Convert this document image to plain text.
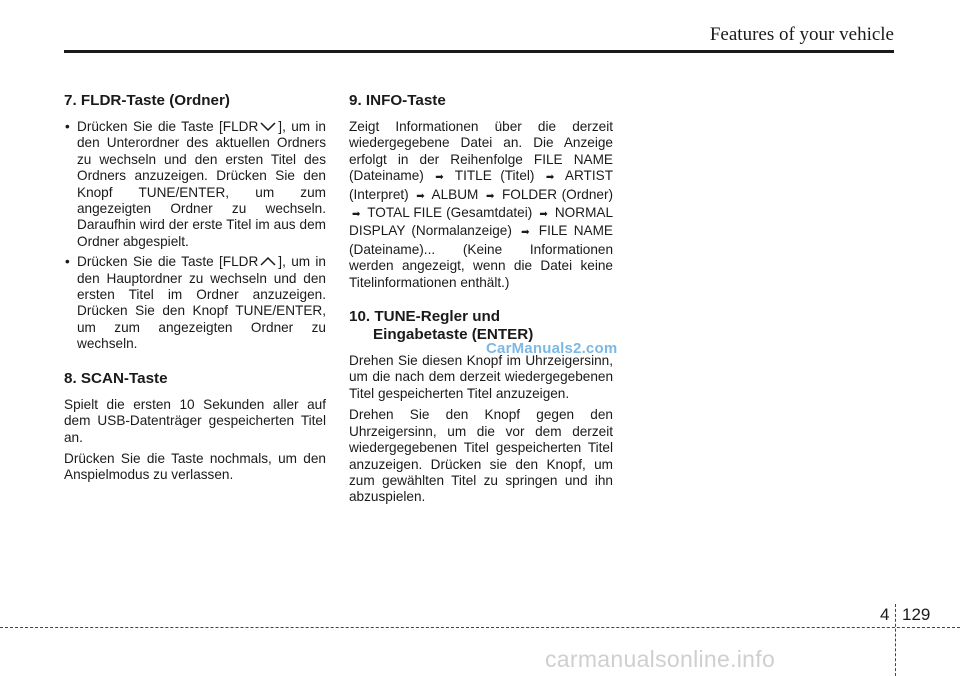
Features of your vehicle
7. FLDR-Taste (Ordner)
• Drücken Sie die Taste [FLDR ], um in den Unterordner des aktuellen Ordners zu wechseln und den ersten Titel des Ordners anzuzeigen. Drücken Sie den Knopf TUNE/ENTER, um zum angezeigten Ordner zu wechseln. Daraufhin wird der erste Titel im aus dem Ordner abgespielt.
• Drücken Sie die Taste [FLDR ], um in den Hauptordner zu wechseln und den ersten Titel im Ordner anzuzeigen. Drücken Sie den Knopf TUNE/ENTER, um zum angezeigten Ordner zu wechseln.
8. SCAN-Taste

Spielt die ersten 10 Sekunden aller auf dem USB-Datenträger gespeicherten Titel an.

Drücken Sie die Taste nochmals, um den Anspielmodus zu verlassen.

9. INFO-Taste

Zeigt Informationen über die derzeit wiedergegebene Datei an. Die Anzeige erfolgt in der Reihenfolge FILE NAME (Dateiname) ➡ TITLE (Titel) ➡ ARTIST (Interpret) ➡ ALBUM ➡ FOLDER (Ordner) ➡ TOTAL FILE (Gesamtdatei) ➡ NORMAL DISPLAY (Normalanzeige) ➡ FILE NAME (Dateiname)... (Keine Informationen werden angezeigt, wenn die Datei keine Titelinformationen enthält.)

10. TUNE-Regler und
Eingabetaste (ENTER)

Drehen Sie diesen Knopf im Uhrzeigersinn, um die nach dem derzeit wiedergegebenen Titel gespeicherten Titel anzuzeigen.

Drehen Sie den Knopf gegen den Uhrzeigersinn, um die vor dem derzeit wiedergegebenen Titel gespeicherten Titel anzuzeigen. Drücken sie den Knopf, um zum gewählten Titel zu springen und ihn abzuspielen.

CarManuals2.com
4 129
carmanualsonline.info
